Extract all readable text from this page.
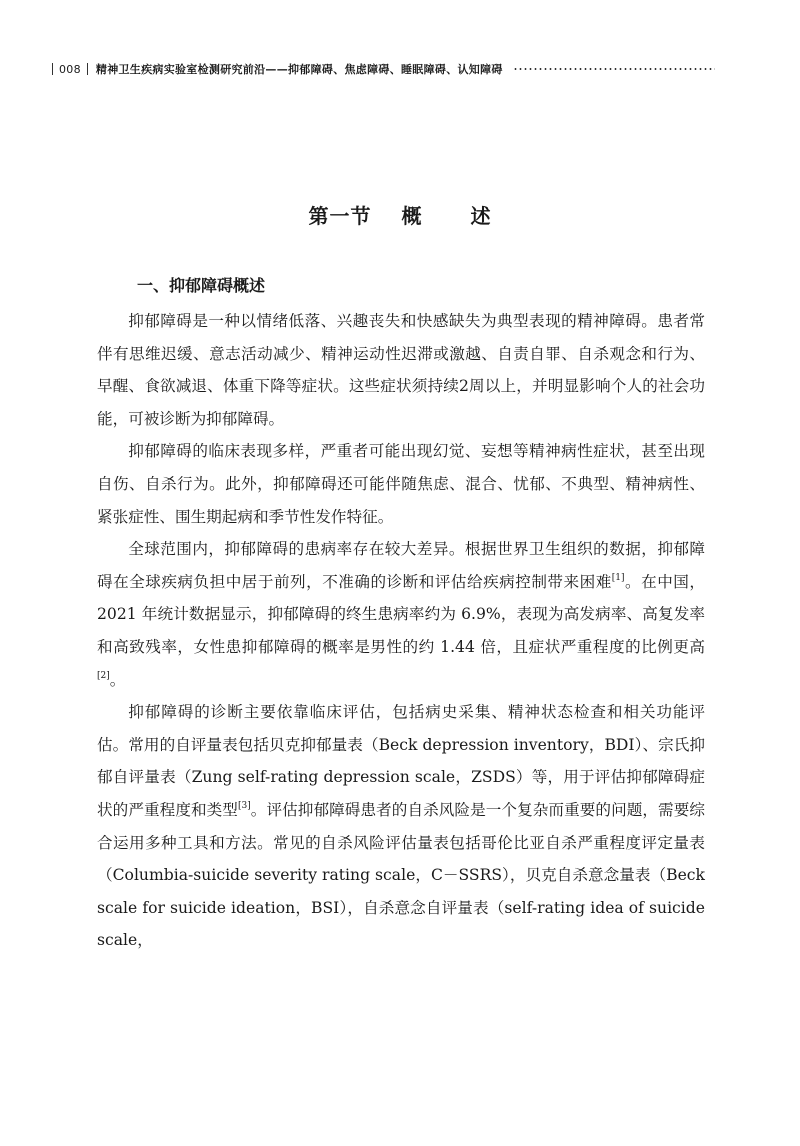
008 精神卫生疾病实验室检测研究前沿——抑郁障碍、焦虑障碍、睡眠障碍、认知障碍
第一节 概 述
一、抑郁障碍概述

抑郁障碍是一种以情绪低落、兴趣丧失和快感缺失为典型表现的精神障碍。患者常伴有思维迟缓、意志活动减少、精神运动性迟滞或激越、自责自罪、自杀观念和行为、早醒、食欲减退、体重下降等症状。这些症状须持续2周以上，并明显影响个人的社会功能，可被诊断为抑郁障碍。

抑郁障碍的临床表现多样，严重者可能出现幻觉、妄想等精神病性症状，甚至出现自伤、自杀行为。此外，抑郁障碍还可能伴随焦虑、混合、忧郁、不典型、精神病性、紧张症性、围生期起病和季节性发作特征。

全球范围内，抑郁障碍的患病率存在较大差异。根据世界卫生组织的数据，抑郁障碍在全球疾病负担中居于前列，不准确的诊断和评估给疾病控制带来困难[1]。在中国，2021 年统计数据显示，抑郁障碍的终生患病率约为 6.9%，表现为高发病率、高复发率和高致残率，女性患抑郁障碍的概率是男性的约 1.44 倍，且症状严重程度的比例更高[2]。

抑郁障碍的诊断主要依靠临床评估，包括病史采集、精神状态检查和相关功能评估。常用的自评量表包括贝克抑郁量表（Beck depression inventory，BDI）、宗氏抑郁自评量表（Zung self-rating depression scale，ZSDS）等，用于评估抑郁障碍症状的严重程度和类型[3]。评估抑郁障碍患者的自杀风险是一个复杂而重要的问题，需要综合运用多种工具和方法。常见的自杀风险评估量表包括哥伦比亚自杀严重程度评定量表（Columbia-suicide severity rating scale，C－SSRS），贝克自杀意念量表（Beck scale for suicide ideation，BSI），自杀意念自评量表（self-rating idea of suicide scale，
